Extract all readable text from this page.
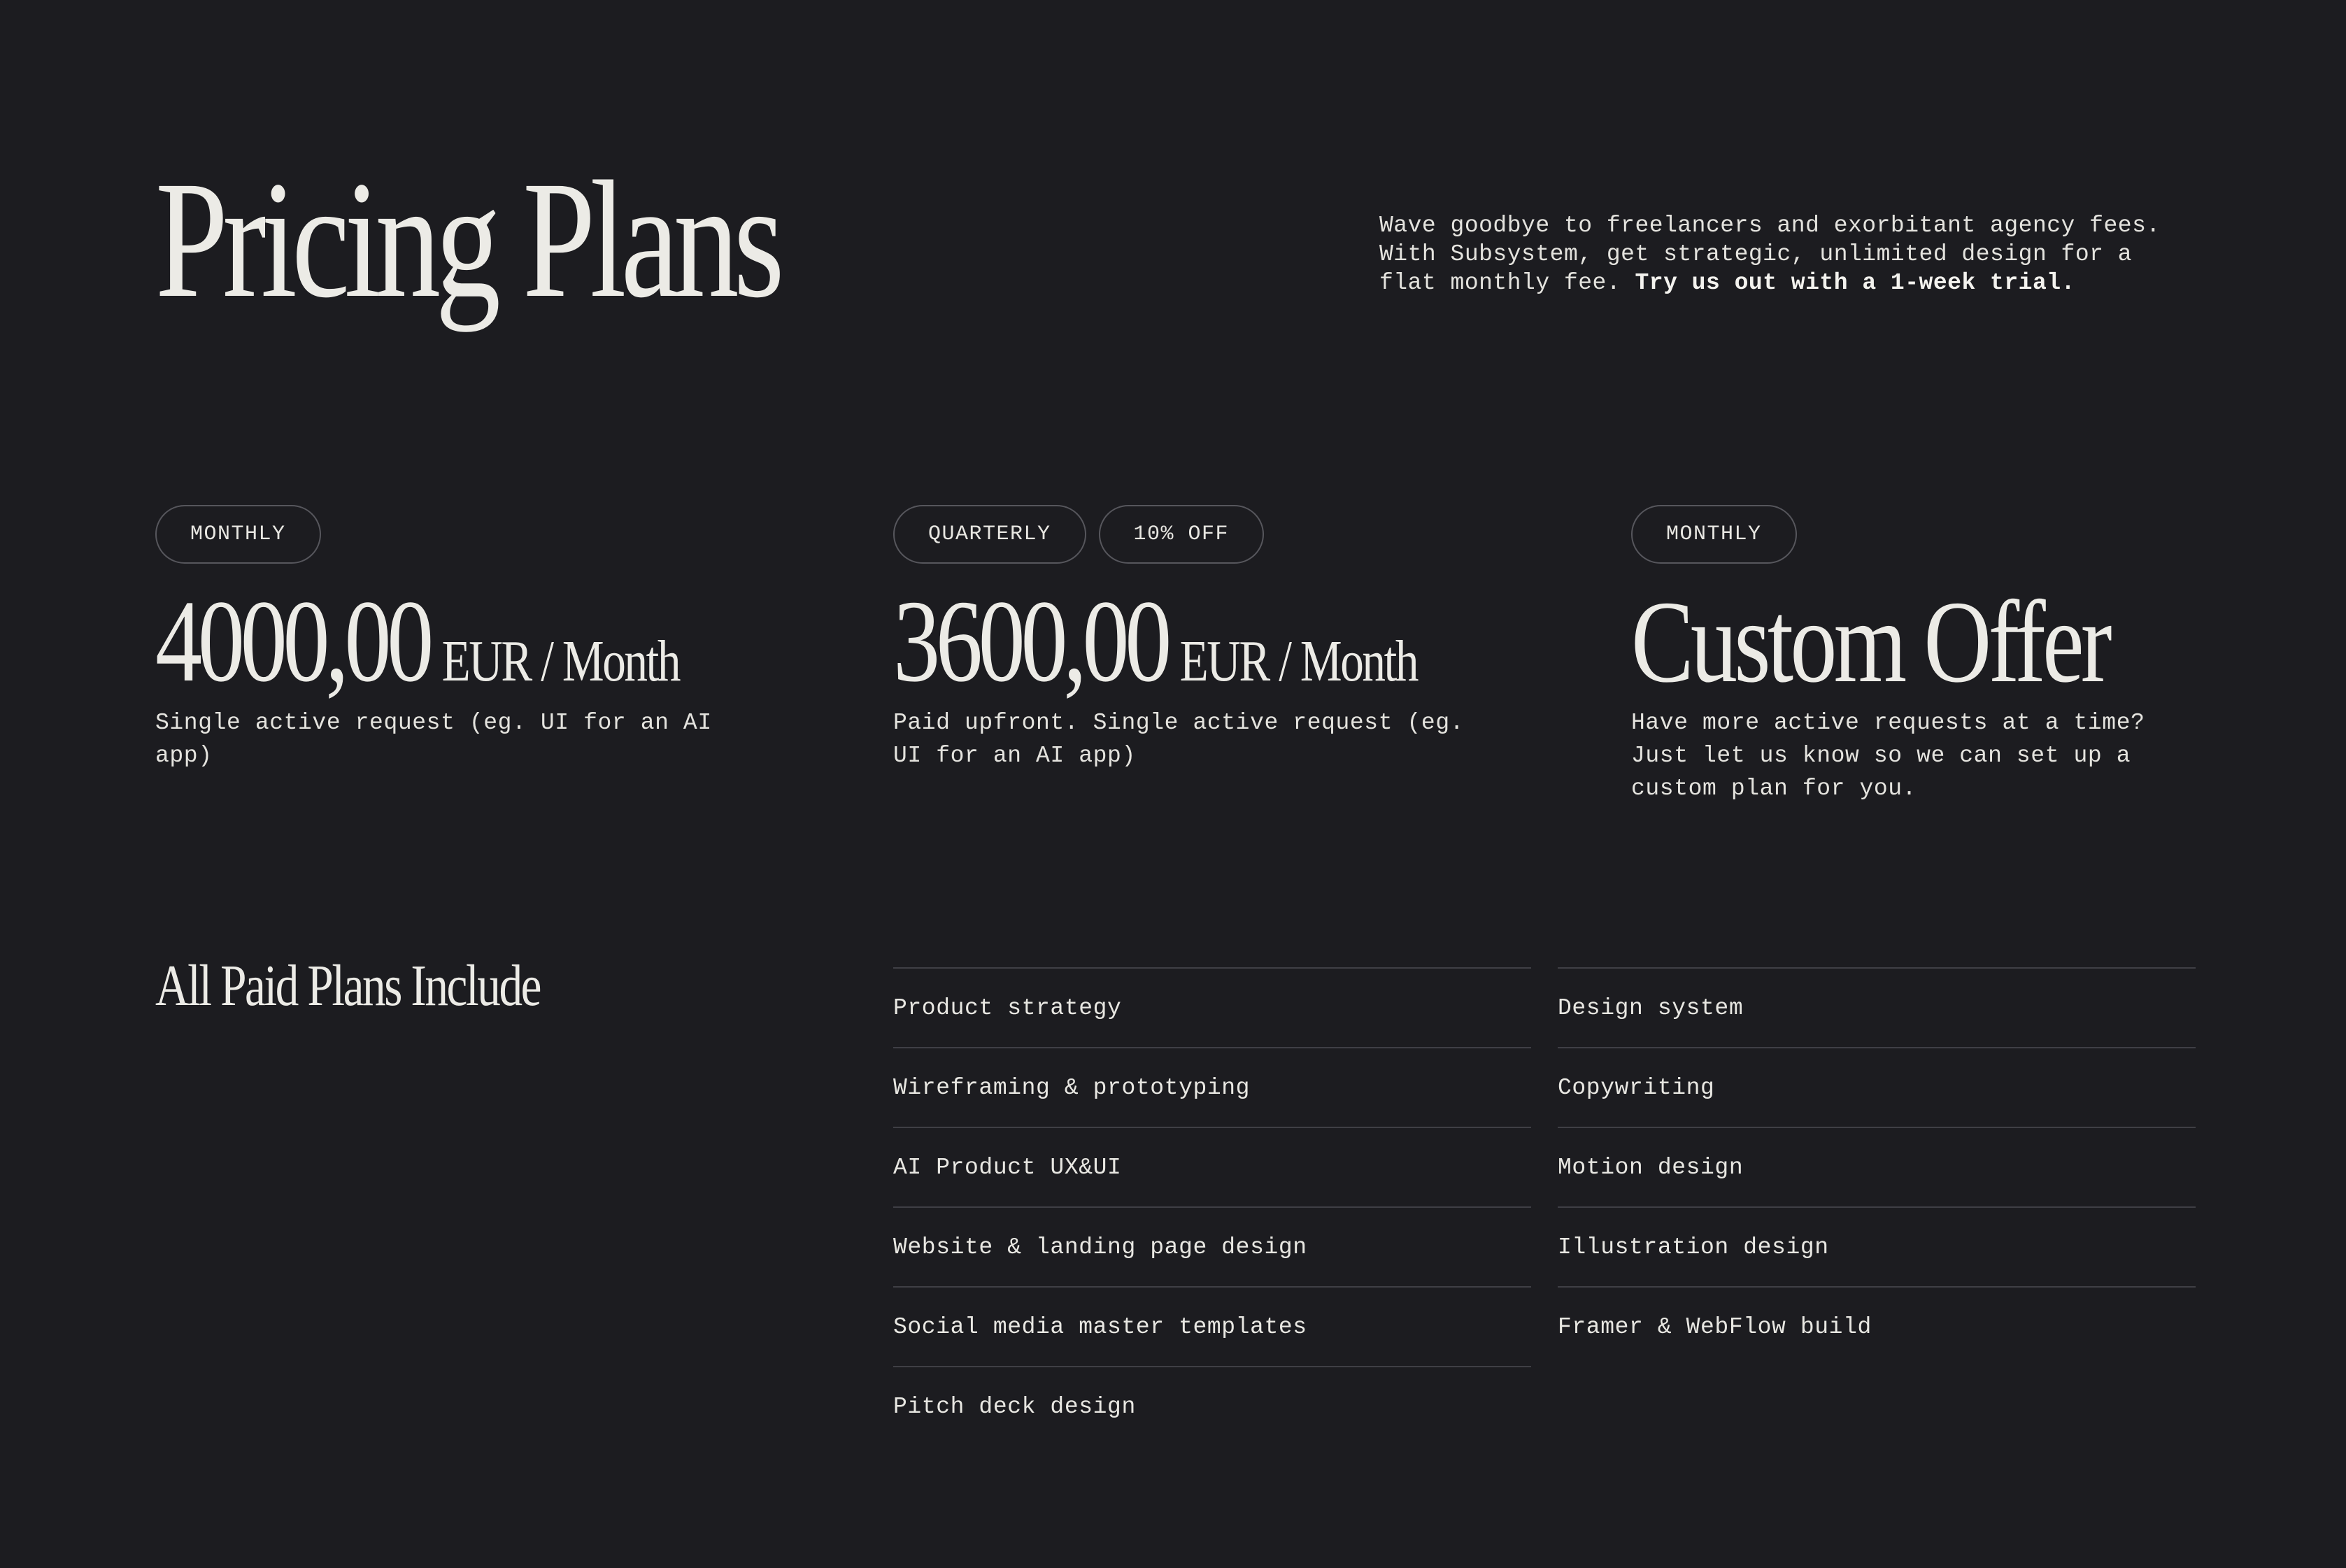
Pricing Plans	Wave goodbye to freelancers and exorbitant agency fees. With Subsystem, get strategic, unlimited design for a flat monthly fee. Try us out with a 1-week trial.

MONTHLY
4000,00 EUR / Month

Single active request (eg. UI for an AI app)

QUARTERLY	10% OFF
3600,00 EUR / Month

Paid upfront. Single active request (eg. UI for an AI app)

MONTHLY
Custom Offer

Have more active requests at a time? Just let us know so we can set up a custom plan for you.

All Paid Plans Include	Product strategy
Wireframing & prototyping
AI Product UX&UI
Website & landing page design
Social media master templates
Pitch deck design
Design system
Copywriting
Motion design
Illustration design
Framer & WebFlow build
